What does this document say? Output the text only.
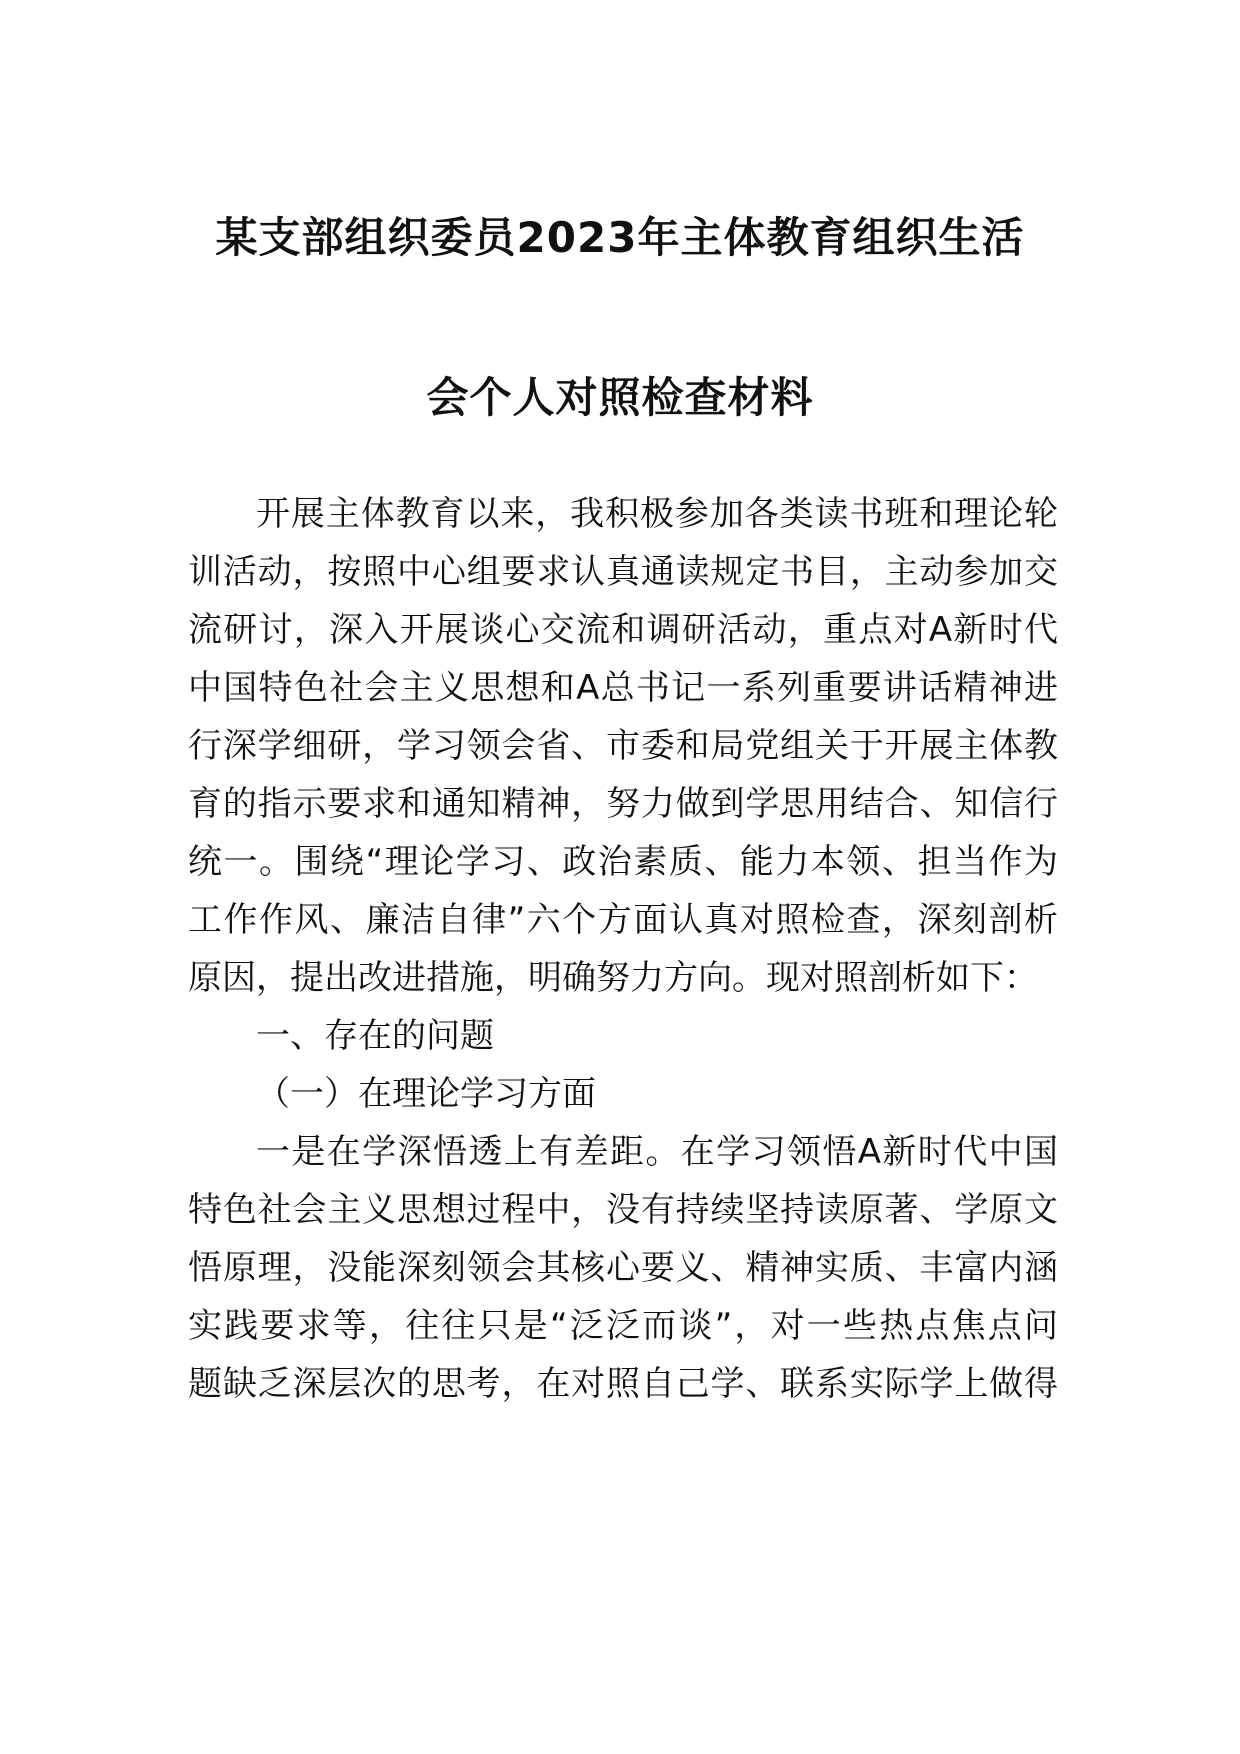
某支部组织委员2023年主体教育组织生活
会个人对照检查材料
开展主体教育以来，我积极参加各类读书班和理论轮
训活动，按照中心组要求认真通读规定书目，主动参加交
流研讨，深入开展谈心交流和调研活动，重点对A新时代
中国特色社会主义思想和A总书记一系列重要讲话精神进
行深学细研，学习领会省、市委和局党组关于开展主体教
育的指示要求和通知精神，努力做到学思用结合、知信行
统一。围绕“理论学习、政治素质、能力本领、担当作为
工作作风、廉洁自律”六个方面认真对照检查，深刻剖析
原因，提出改进措施，明确努力方向。现对照剖析如下：
一、存在的问题
（一）在理论学习方面
一是在学深悟透上有差距。在学习领悟A新时代中国
特色社会主义思想过程中，没有持续坚持读原著、学原文
悟原理，没能深刻领会其核心要义、精神实质、丰富内涵
实践要求等，往往只是“泛泛而谈”，对一些热点焦点问
题缺乏深层次的思考，在对照自己学、联系实际学上做得
